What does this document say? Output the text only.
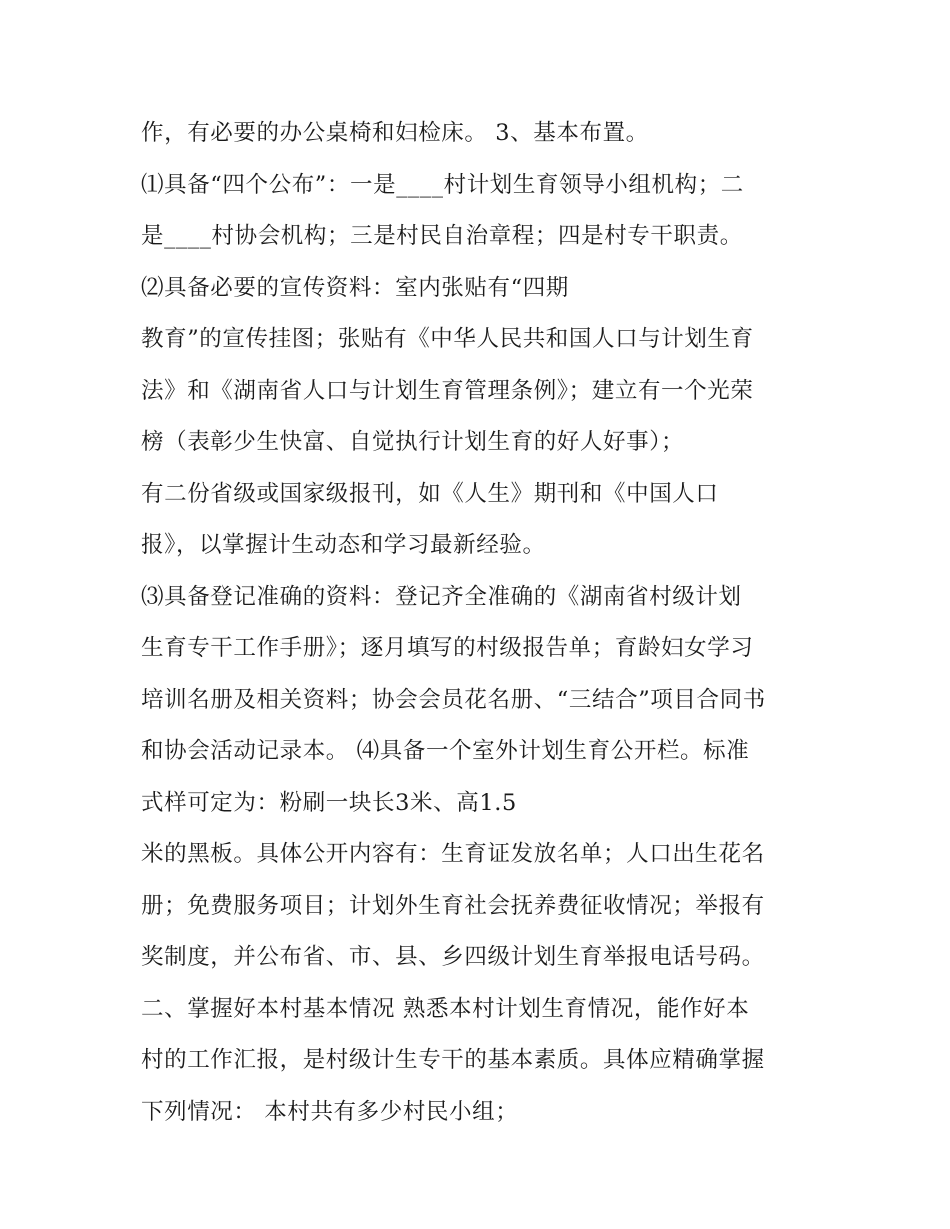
作，有必要的办公桌椅和妇检床。 3、基本布置。
⑴具备“四个公布”：一是____村计划生育领导小组机构；二
是____村协会机构；三是村民自治章程；四是村专干职责。
⑵具备必要的宣传资料：室内张贴有“四期
教育”的宣传挂图；张贴有《中华人民共和国人口与计划生育
法》和《湖南省人口与计划生育管理条例》；建立有一个光荣
榜（表彰少生快富、自觉执行计划生育的好人好事）；
有二份省级或国家级报刊，如《人生》期刊和《中国人口
报》，以掌握计生动态和学习最新经验。
⑶具备登记准确的资料：登记齐全准确的《湖南省村级计划
生育专干工作手册》；逐月填写的村级报告单；育龄妇女学习
培训名册及相关资料；协会会员花名册、“三结合”项目合同书
和协会活动记录本。 ⑷具备一个室外计划生育公开栏。标准
式样可定为：粉刷一块长3米、高1.5
米的黑板。具体公开内容有：生育证发放名单；人口出生花名
册；免费服务项目；计划外生育社会抚养费征收情况；举报有
奖制度，并公布省、市、县、乡四级计划生育举报电话号码。
二、掌握好本村基本情况 熟悉本村计划生育情况，能作好本
村的工作汇报，是村级计生专干的基本素质。具体应精确掌握
下列情况： 本村共有多少村民小组；
